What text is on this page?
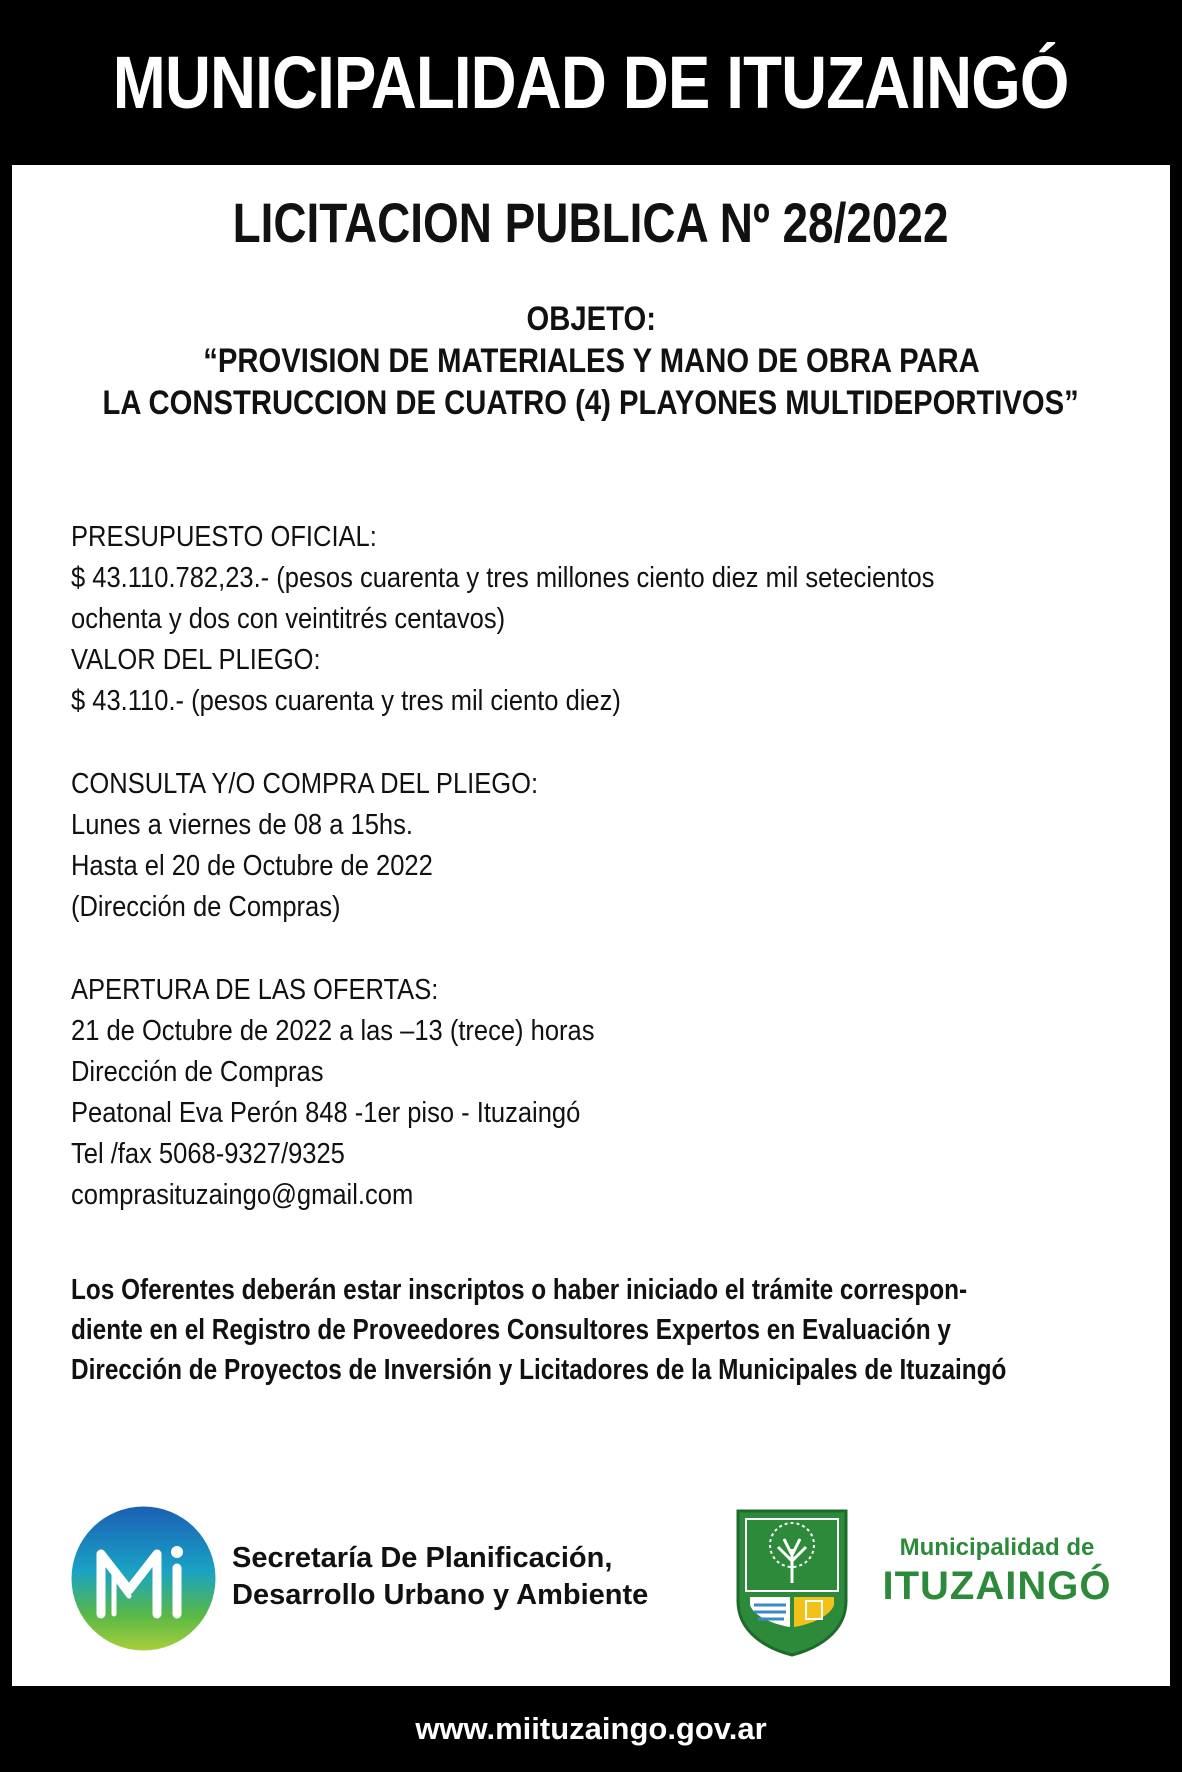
MUNICIPALIDAD DE ITUZAINGÓ
LICITACION PUBLICA Nº 28/2022
OBJETO:
“PROVISION DE MATERIALES Y MANO DE OBRA PARA
LA CONSTRUCCION DE CUATRO (4) PLAYONES MULTIDEPORTIVOS”
PRESUPUESTO OFICIAL:
$ 43.110.782,23.- (pesos cuarenta y tres millones ciento diez mil setecientos
ochenta y dos con veintitrés centavos)
VALOR DEL PLIEGO:
$ 43.110.- (pesos cuarenta y tres mil ciento diez)
CONSULTA Y/O COMPRA DEL PLIEGO:
Lunes a viernes de 08 a 15hs.
Hasta el 20 de Octubre de 2022
(Dirección de Compras)
APERTURA DE LAS OFERTAS:
21 de Octubre de 2022 a las –13 (trece) horas
Dirección de Compras
Peatonal Eva Perón 848 -1er piso - Ituzaingó
Tel /fax 5068-9327/9325
comprasituzaingo@gmail.com
Los Oferentes deberán estar inscriptos o haber iniciado el trámite correspon-
diente en el Registro de Proveedores Consultores Expertos en Evaluación y
Dirección de Proyectos de Inversión y Licitadores de la Municipales de Ituzaingó
Secretaría De Planificación,
Desarrollo Urbano y Ambiente
Municipalidad de
ITUZAINGÓ
www.miituzaingo.gov.ar
